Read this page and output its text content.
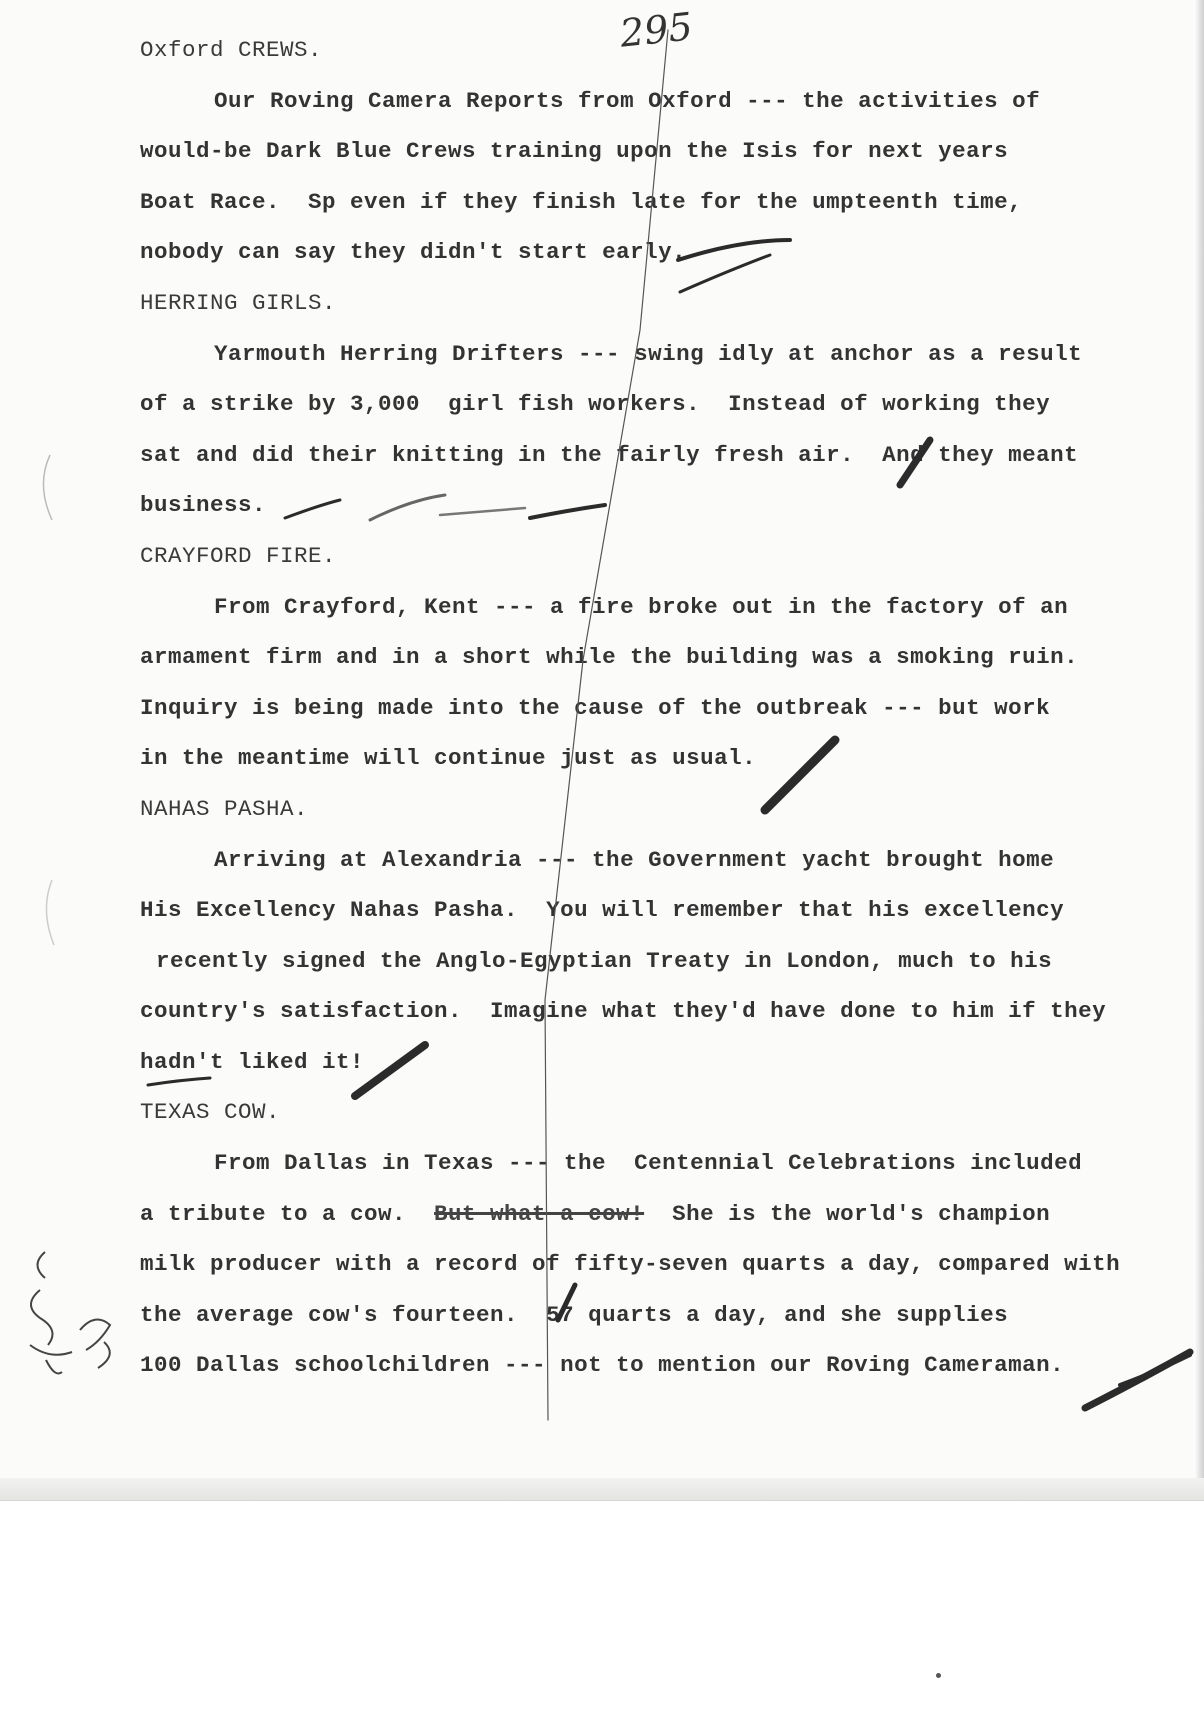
295
Oxford CREWS.
Our Roving Camera Reports from Oxford --- the activities of
would-be Dark Blue Crews training upon the Isis for next years
Boat Race.  Sp even if they finish late for the umpteenth time,
nobody can say they didn't start early.
HERRING GIRLS.
Yarmouth Herring Drifters --- swing idly at anchor as a result
of a strike by 3,000  girl fish workers.  Instead of working they
sat and did their knitting in the fairly fresh air.  And they meant
business.
CRAYFORD FIRE.
From Crayford, Kent --- a fire broke out in the factory of an
armament firm and in a short while the building was a smoking ruin.
Inquiry is being made into the cause of the outbreak --- but work
in the meantime will continue just as usual.
NAHAS PASHA.
Arriving at Alexandria --- the Government yacht brought home
His Excellency Nahas Pasha.  You will remember that his excellency
recently signed the Anglo-Egyptian Treaty in London, much to his
country's satisfaction.  Imagine what they'd have done to him if they
hadn't liked it!
TEXAS COW.
From Dallas in Texas --- the  Centennial Celebrations included
a tribute to a cow.  But what a cow!  She is the world's champion
milk producer with a record of fifty-seven quarts a day, compared with
the average cow's fourteen.  57 quarts a day, and she supplies
100 Dallas schoolchildren --- not to mention our Roving Cameraman.
